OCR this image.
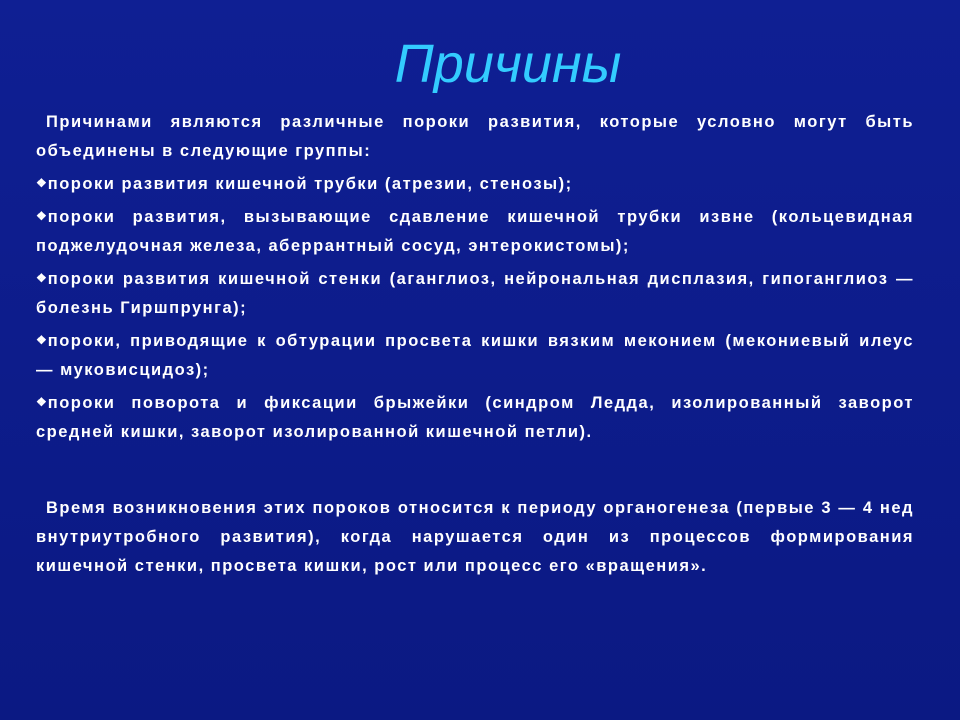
Причины

Причинами являются различные пороки развития, которые условно могут быть объединены в следующие группы:

❖пороки развития кишечной трубки (атрезии, стенозы);
❖пороки развития, вызывающие сдавление кишечной трубки извне (кольцевидная поджелудочная железа, аберрантный сосуд, энтерокистомы);
❖пороки развития кишечной стенки (аганглиоз, нейрональная дисплазия, гипоганглиоз — болезнь Гиршпрунга);
❖пороки, приводящие к обтурации просвета кишки вязким меконием (мекониевый илеус — муковисцидоз);
❖пороки поворота и фиксации брыжейки (синдром Ледда, изолированный заворот средней кишки, заворот изолированной кишечной петли).

Время возникновения этих пороков относится к периоду органогенеза (первые 3 — 4 нед внутриутробного развития), когда нарушается один из процессов формирования кишечной стенки, просвета кишки, рост или процесс его «вращения».
